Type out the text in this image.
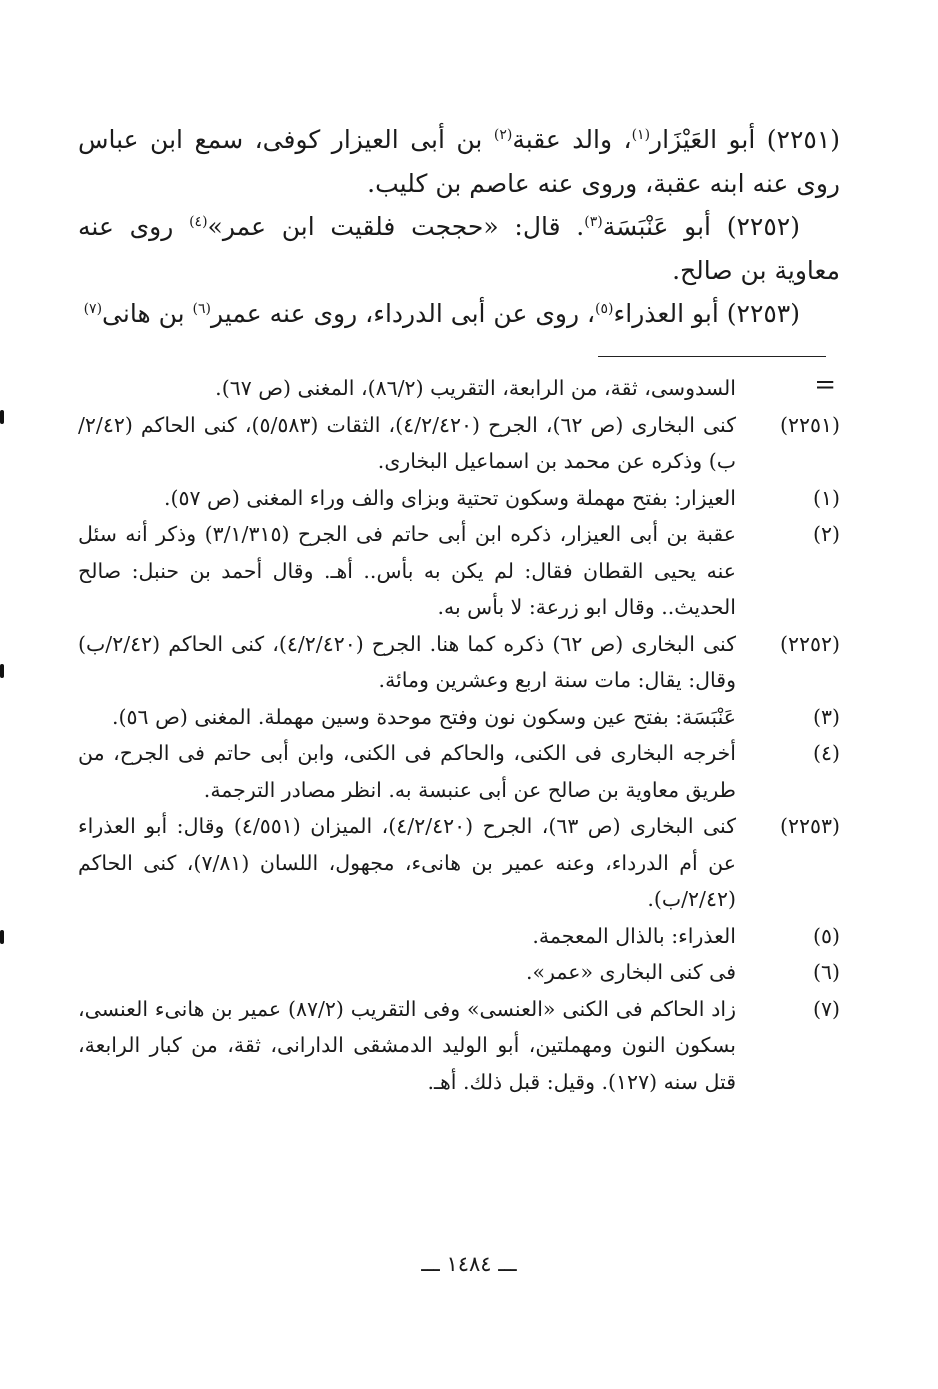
(٢٢٥١) أبو العَيْزَار$^{(١)}$، والد عقبة$^{(٢)}$ بن أبى العيزار كوفى، سمع ابن عباس روى عنه ابنه عقبة، وروى عنه عاصم بن كليب.

(٢٢٥٢) أبو عَنْبَسَة$^{(٣)}$. قال: «حججت فلقيت ابن عمر»$^{(٤)}$ روى عنه معاوية بن صالح.

(٢٢٥٣) أبو العذراء$^{(٥)}$، روى عن أبى الدرداء، روى عنه عمير$^{(٦)}$ بن هانى$^{(٧)}$

=
السدوسى، ثقة، من الرابعة، التقريب (٨٦/٢)، المغنى (ص ٦٧).
(٢٢٥١)
كنى البخارى (ص ٦٢)، الجرح (٤/٢/٤٢٠)، الثقات (٥/٥٨٣)، كنى الحاكم (٢/٤٢/ب) وذكره عن محمد بن اسماعيل البخارى.
(١)
العيزار: بفتح مهملة وسكون تحتية وبزاى والف وراء المغنى (ص ٥٧).
(٢)
عقبة بن أبى العيزار، ذكره ابن أبى حاتم فى الجرح (٣/١/٣١٥) وذكر أنه سئل عنه يحيى القطان فقال: لم يكن به بأس.. أهـ. وقال أحمد بن حنبل: صالح الحديث.. وقال ابو زرعة: لا بأس به.
(٢٢٥٢)
كنى البخارى (ص ٦٢) ذكره كما هنا. الجرح (٤/٢/٤٢٠)، كنى الحاكم (٢/٤٢/ب) وقال: يقال: مات سنة اربع وعشرين ومائة.
(٣)
عَنْبَسَة: بفتح عين وسكون نون وفتح موحدة وسين مهملة. المغنى (ص ٥٦).
(٤)
أخرجه البخارى فى الكنى، والحاكم فى الكنى، وابن أبى حاتم فى الجرح، من طريق معاوية بن صالح عن أبى عنبسة به. انظر مصادر الترجمة.
(٢٢٥٣)
كنى البخارى (ص ٦٣)، الجرح (٤/٢/٤٢٠)، الميزان (٤/٥٥١) وقال: أبو العذراء عن أم الدرداء، وعنه عمير بن هانىء، مجهول، اللسان (٧/٨١)، كنى الحاكم (٢/٤٢/ب).
(٥)
العذراء: بالذال المعجمة.
(٦)
فى كنى البخارى «عمر».
(٧)
زاد الحاكم فى الكنى «العنسى» وفى التقريب (٨٧/٢) عمير بن هانىء العنسى، بسكون النون ومهملتين، أبو الوليد الدمشقى الدارانى، ثقة، من كبار الرابعة، قتل سنه (١٢٧). وقيل: قبل ذلك. أهـ.
ـــ ١٤٨٤ ـــ
